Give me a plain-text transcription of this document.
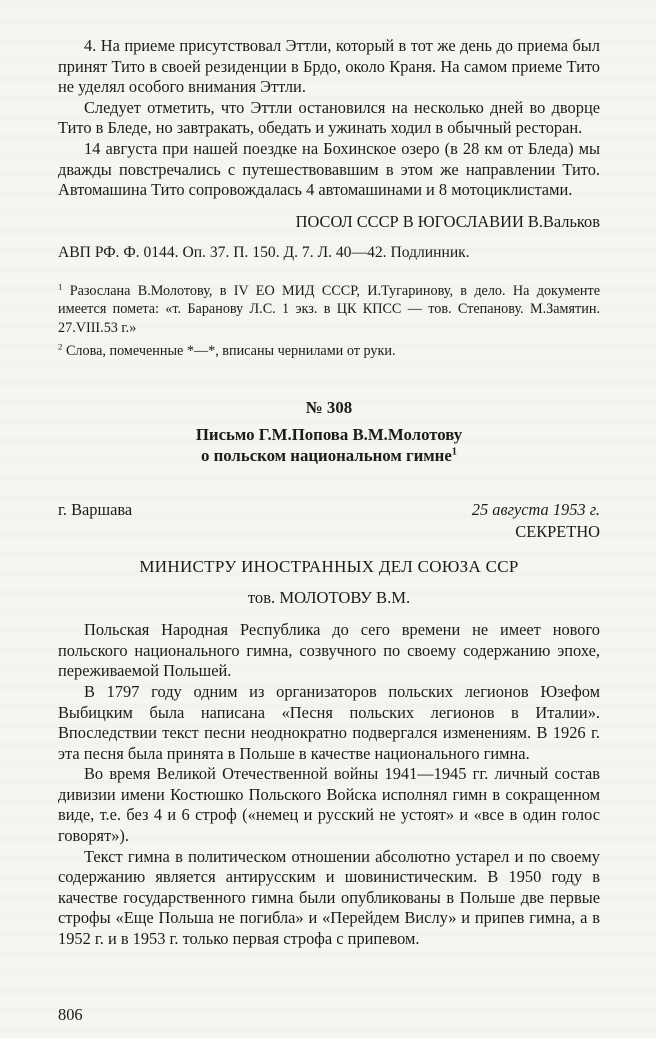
4. На приеме присутствовал Эттли, который в тот же день до приема был принят Тито в своей резиденции в Брдо, около Краня. На самом приеме Тито не уделял особого внимания Эттли.

Следует отметить, что Эттли остановился на несколько дней во дворце Тито в Бледе, но завтракать, обедать и ужинать ходил в обычный ресторан.

14 августа при нашей поездке на Бохинское озеро (в 28 км от Бледа) мы дважды повстречались с путешествовавшим в этом же направлении Тито. Автомашина Тито сопровождалась 4 автомашинами и 8 мотоциклистами.

ПОСОЛ СССР В ЮГОСЛАВИИ В.Вальков

АВП РФ. Ф. 0144. Оп. 37. П. 150. Д. 7. Л. 40—42. Подлинник.

$^1$ Разослана В.Молотову, в IV ЕО МИД СССР, И.Тугаринову, в дело. На документе имеется помета: «т. Баранову Л.С. 1 экз. в ЦК КПСС — тов. Степанову. М.Замятин. 27.VIII.53 г.»

$^2$ Слова, помеченные *—*, вписаны чернилами от руки.

№ 308

Письмо Г.М.Попова В.М.Молотову
о польском национальном гимне$^1$

г. Варшава	25 августа 1953 г.

СЕКРЕТНО

МИНИСТРУ ИНОСТРАННЫХ ДЕЛ СОЮЗА ССР

тов. МОЛОТОВУ В.М.

Польская Народная Республика до сего времени не имеет нового польского национального гимна, созвучного по своему содержанию эпохе, переживаемой Польшей.

В 1797 году одним из организаторов польских легионов Юзефом Выбицким была написана «Песня польских легионов в Италии». Впоследствии текст песни неоднократно подвергался изменениям. В 1926 г. эта песня была принята в Польше в качестве национального гимна.

Во время Великой Отечественной войны 1941—1945 гг. личный состав дивизии имени Костюшко Польского Войска исполнял гимн в сокращенном виде, т.е. без 4 и 6 строф («немец и русский не устоят» и «все в один голос говорят»).

Текст гимна в политическом отношении абсолютно устарел и по своему содержанию является антирусским и шовинистическим. В 1950 году в качестве государственного гимна были опубликованы в Польше две первые строфы «Еще Польша не погибла» и «Перейдем Вислу» и припев гимна, а в 1952 г. и в 1953 г. только первая строфа с припевом.

806
